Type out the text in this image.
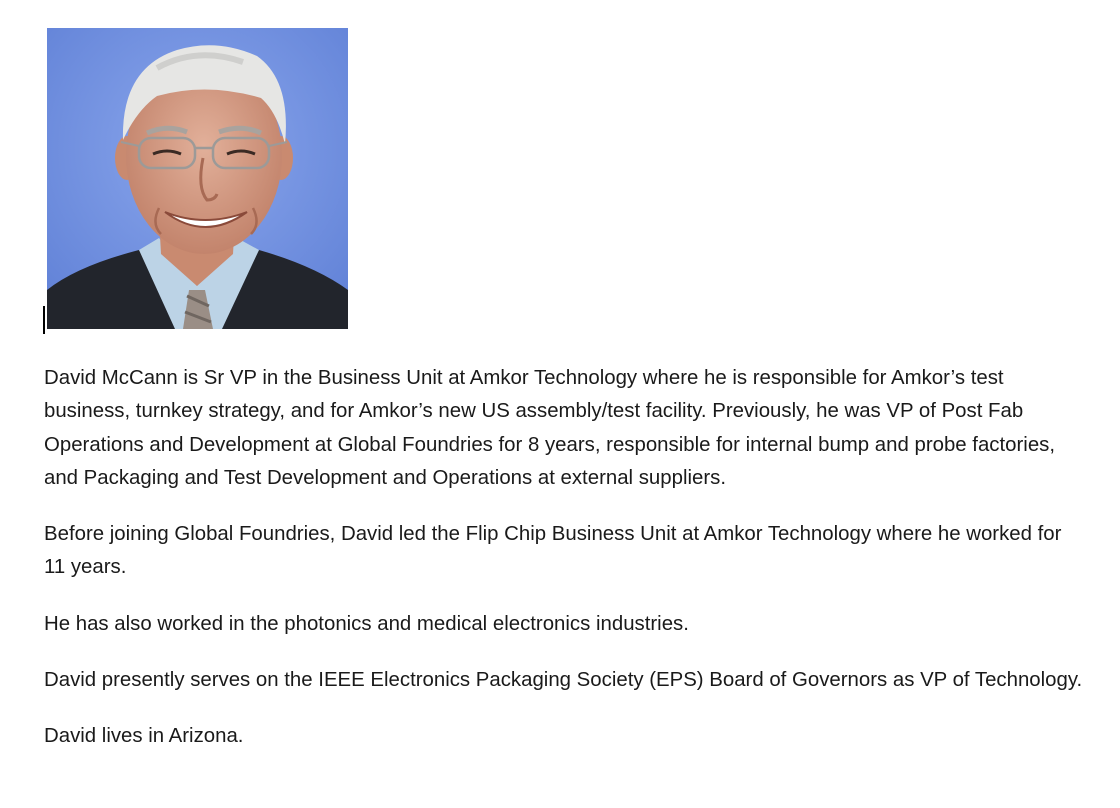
David McCann is Sr VP in the Business Unit at Amkor Technology where he is responsible for Amkor’s test business, turnkey strategy, and for Amkor’s new US assembly/test facility. Previously, he was VP of Post Fab Operations and Development at Global Foundries for 8 years, responsible for internal bump and probe factories, and Packaging and Test Development and Operations at external suppliers.

Before joining Global Foundries, David led the Flip Chip Business Unit at Amkor Technology where he worked for 11 years.

He has also worked in the photonics and medical electronics industries.

David presently serves on the IEEE Electronics Packaging Society (EPS) Board of Governors as VP of Technology.

David lives in Arizona.
